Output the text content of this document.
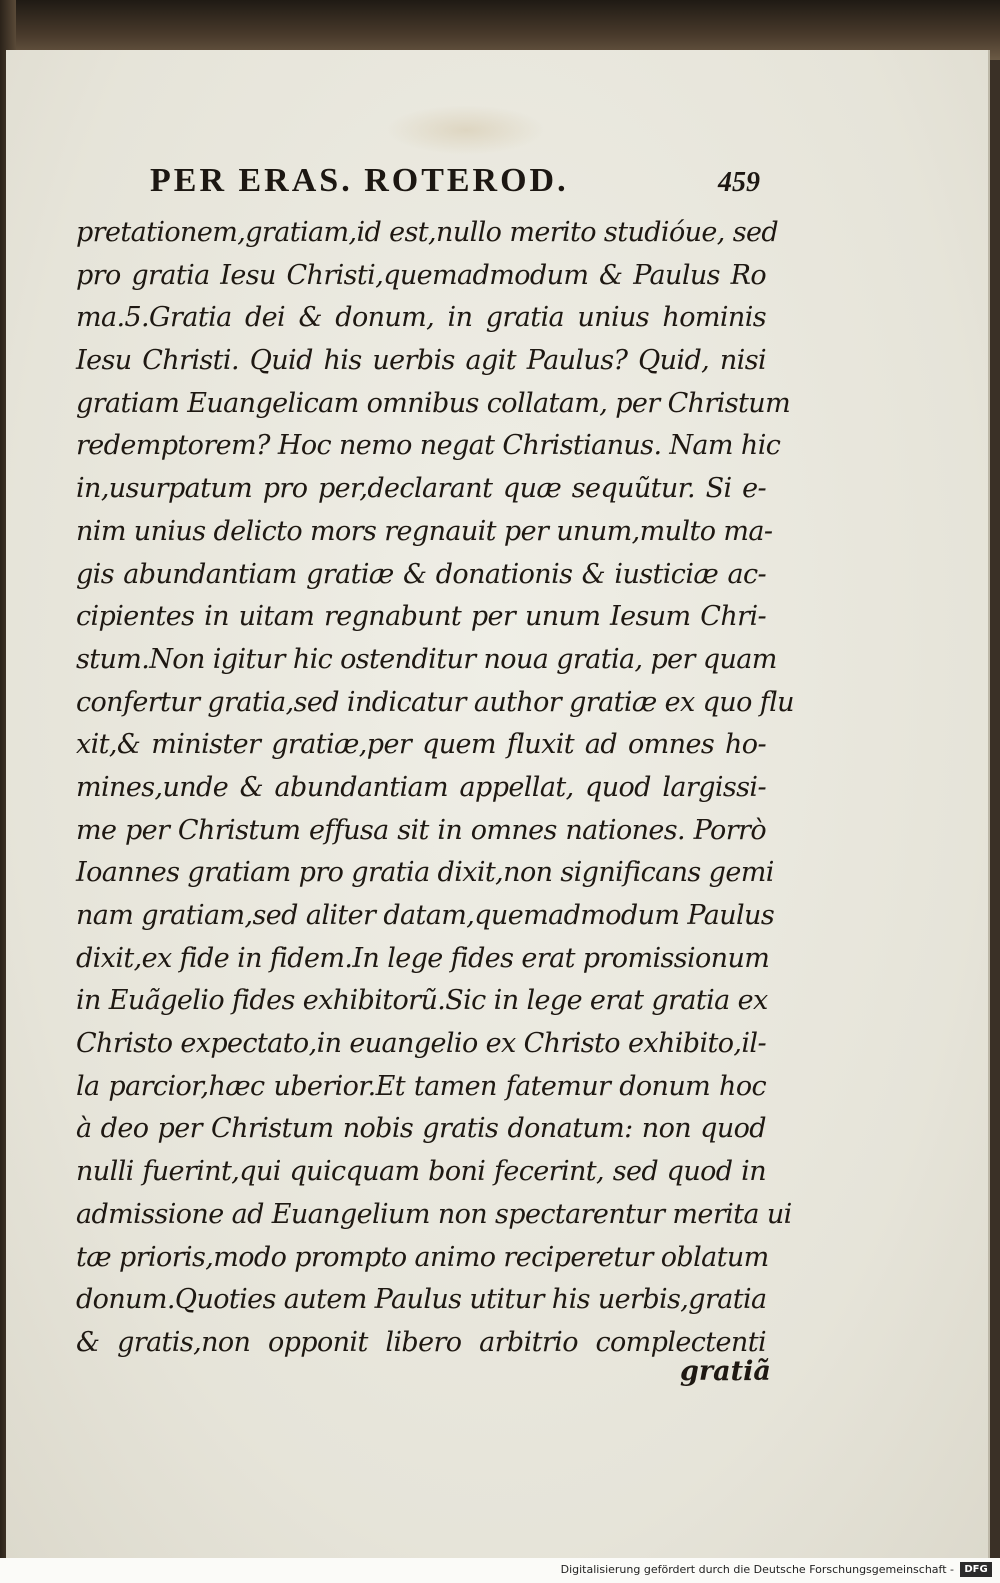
PER ERAS. ROTEROD.	459
pretationem,gratiam,id est,nullo merito studióue, sed
pro gratia Iesu Christi,quemadmodum & Paulus Ro
ma.5.Gratia dei & donum, in gratia unius hominis
Iesu Christi. Quid his uerbis agit Paulus? Quid, nisi
gratiam Euangelicam omnibus collatam, per Christum
redemptorem? Hoc nemo negat Christianus. Nam hic
in,usurpatum pro per,declarant quæ sequũtur. Si e-
nim unius delicto mors regnauit per unum,multo ma-
gis abundantiam gratiæ & donationis & iusticiæ ac-
cipientes in uitam regnabunt per unum Iesum Chri-
stum.Non igitur hic ostenditur noua gratia, per quam
confertur gratia,sed indicatur author gratiæ ex quo flu
xit,& minister gratiæ,per quem fluxit ad omnes ho-
mines,unde & abundantiam appellat, quod largissi-
me per Christum effusa sit in omnes nationes. Porrò
Ioannes gratiam pro gratia dixit,non significans gemi
nam gratiam,sed aliter datam,quemadmodum Paulus
dixit,ex fide in fidem.In lege fides erat promissionum
in Euãgelio fides exhibitorũ.Sic in lege erat gratia ex
Christo expectato,in euangelio ex Christo exhibito,il-
la parcior,hæc uberior.Et tamen fatemur donum hoc
à deo per Christum nobis gratis donatum: non quod
nulli fuerint,qui quicquam boni fecerint, sed quod in
admissione ad Euangelium non spectarentur merita ui
tæ prioris,modo prompto animo reciperetur oblatum
donum.Quoties autem Paulus utitur his uerbis,gratia
& gratis,non opponit libero arbitrio complectenti
gratiã
Digitalisierung gefördert durch die Deutsche Forschungsgemeinschaft -	DFG
